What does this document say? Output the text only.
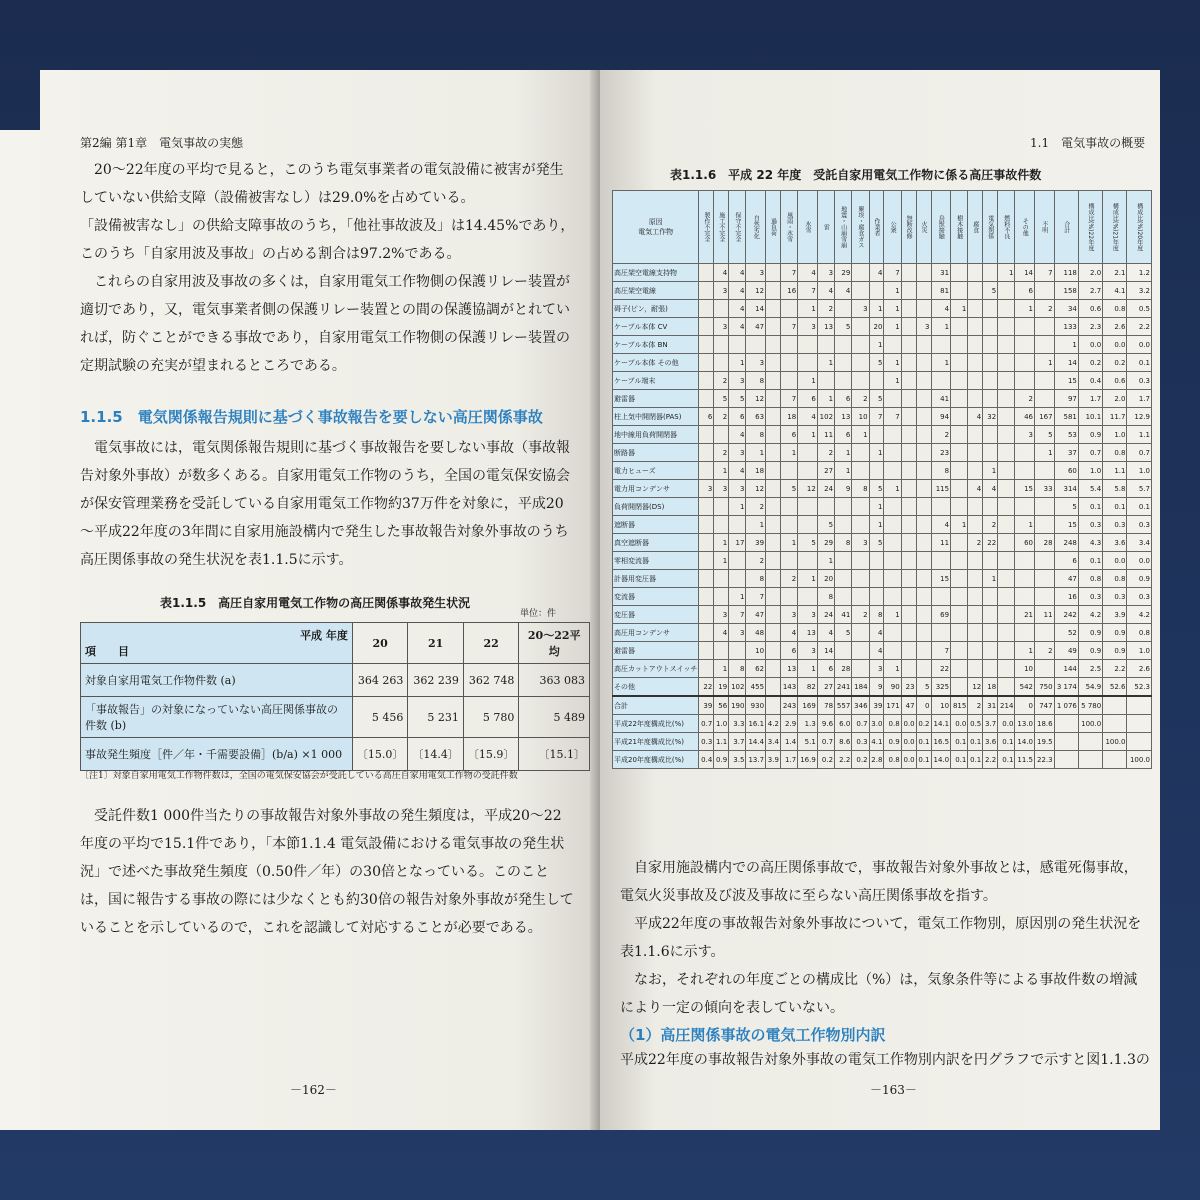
第2編 第1章　電気事故の実態
20～22年度の平均で見ると，このうち電気事業者の電気設備に被害が発生していない供給支障（設備被害なし）は29.0%を占めている。
「設備被害なし」の供給支障事故のうち，「他社事故波及」は14.45%であり，このうち「自家用波及事故」の占める割合は97.2%である。
これらの自家用波及事故の多くは，自家用電気工作物側の保護リレー装置が適切であり，又，電気事業者側の保護リレー装置との間の保護協調がとれていれば，防ぐことができる事故であり，自家用電気工作物側の保護リレー装置の定期試験の充実が望まれるところである。
1.1.5　電気関係報告規則に基づく事故報告を要しない高圧関係事故
電気事故には，電気関係報告規則に基づく事故報告を要しない事故（事故報告対象外事故）が数多くある。自家用電気工作物のうち，全国の電気保安協会が保安管理業務を受託している自家用電気工作物約37万件を対象に，平成20～平成22年度の3年間に自家用施設構内で発生した事故報告対象外事故のうち高圧関係事故の発生状況を表1.1.5に示す。
表1.1.5　高圧自家用電気工作物の高圧関係事故発生状況
単位：件
平成 年度
項　　目	20	21	22	20～22平均
対象自家用電気工作物件数 (a)	364 263	362 239	362 748	363 083
「事故報告」の対象になっていない高圧関係事故の件数 (b)	5 456	5 231	5 780	5 489
事故発生頻度［件／年・千需要設備］(b/a) ×1 000	〔15.0〕	〔14.4〕	〔15.9〕	〔15.1〕
〔注1〕対象自家用電気工作物件数は，全国の電気保安協会が受託している高圧自家用電気工作物の受託件数
受託件数1 000件当たりの事故報告対象外事故の発生頻度は，平成20～22年度の平均で15.1件であり，「本節1.1.4 電気設備における電気事故の発生状況」で述べた事故発生頻度（0.50件／年）の30倍となっている。このことは，国に報告する事故の際には少なくとも約30倍の報告対象外事故が発生していることを示しているので，これを認識して対応することが必要である。
－162－
1.1　電気事故の概要
表1.1.6　平成 22 年度　受託自家用電気工作物に係る高圧事故件数
原因
電気工作物	製作不完全	施工不完全	保守不完全	自然劣化	過負荷	風雨・氷雪	氷雪	雷	地震・山崩雪崩	塵埃・腐食ガス	作業者	公衆	無断改修	火災	鳥獣接触	樹木接触	腐食	電気関係	燃料不良	その他	不明	合計	構成比(%)22年度	構成比(%)21年度	構成比(%)20年度
高圧架空電線支持物		4	4	3		7	4	3	29		4	7			31				1	14	7	118	2.0	2.1	1.2
高圧架空電線		3	4	12		16	7	4	4			1			81			5		6		158	2.7	4.1	3.2
碍子(ピン，耐張)			4	14			1	2		3	1	1			4	1				1	2	34	0.6	0.8	0.5
ケーブル本体 CV		3	4	47		7	3	13	5		20	1		3	1							133	2.3	2.6	2.2
ケーブル本体 BN											1											1	0.0	0.0	0.0
ケーブル本体 その他			1	3				1			5	1			1						1	14	0.2	0.2	0.1
ケーブル端末		2	3	8			1					1										15	0.4	0.6	0.3
避雷器		5	5	12		7	6	1	6	2	5				41					2		97	1.7	2.0	1.7
柱上気中開閉器(PAS)	6	2	6	63		18	4	102	13	10	7	7			94		4	32		46	167	581	10.1	11.7	12.9
地中線用負荷開閉器			4	8		6	1	11	6	1					2					3	5	53	0.9	1.0	1.1
断路器		2	3	1		1		2	1		1				23						1	37	0.7	0.8	0.7
電力ヒューズ		1	4	18				27	1						8			1				60	1.0	1.1	1.0
電力用コンデンサ	3	3	3	12		5	12	24	9	8	5	1			115		4	4		15	33	314	5.4	5.8	5.7
負荷開閉器(DS)			1	2							1											5	0.1	0.1	0.1
遮断器				1				5			1				4	1		2		1		15	0.3	0.3	0.3
真空遮断器		1	17	39		1	5	29	8	3	5				11		2	22		60	28	248	4.3	3.6	3.4
零相変流器		1		2				1														6	0.1	0.0	0.0
計器用変圧器				8		2	1	20							15			1				47	0.8	0.8	0.9
変流器			1	7				8														16	0.3	0.3	0.3
変圧器		3	7	47		3	3	24	41	2	8	1			69					21	11	242	4.2	3.9	4.2
高圧用コンデンサ		4	3	48		4	13	4	5		4											52	0.9	0.9	0.8
避雷器				10		6	3	14			4				7					1	2	49	0.9	0.9	1.0
高圧カットアウトスイッチ		1	8	62		13	1	6	28		3	1			22					10		144	2.5	2.2	2.6
その他	22	19	102	455		143	82	27	241	184	9	90	23	5	325		12	18		542	750	3 174	54.9	52.6	52.3
合計	39	56	190	930		243	169	78	557	346	39	171	47	0	10	815	2	31	214	0	747	1 076	5 780		
平成22年度構成比(%)	0.7	1.0	3.3	16.1	4.2	2.9	1.3	9.6	6.0	0.7	3.0	0.8	0.0	0.2	14.1	0.0	0.5	3.7	0.0	13.0	18.6		100.0		
平成21年度構成比(%)	0.3	1.1	3.7	14.4	3.4	1.4	5.1	0.7	8.6	0.3	4.1	0.9	0.0	0.1	16.5	0.1	0.1	3.6	0.1	14.0	19.5			100.0	
平成20年度構成比(%)	0.4	0.9	3.5	13.7	3.9	1.7	16.9	0.2	2.2	0.2	2.8	0.8	0.0	0.1	14.0	0.1	0.1	2.2	0.1	11.5	22.3				100.0
自家用施設構内での高圧関係事故で，事故報告対象外事故とは，感電死傷事故，電気火災事故及び波及事故に至らない高圧関係事故を指す。
平成22年度の事故報告対象外事故について，電気工作物別，原因別の発生状況を表1.1.6に示す。
なお，それぞれの年度ごとの構成比（%）は，気象条件等による事故件数の増減により一定の傾向を表していない。
（1）高圧関係事故の電気工作物別内訳
平成22年度の事故報告対象外事故の電気工作物別内訳を円グラフで示すと図1.1.3の
－163－
